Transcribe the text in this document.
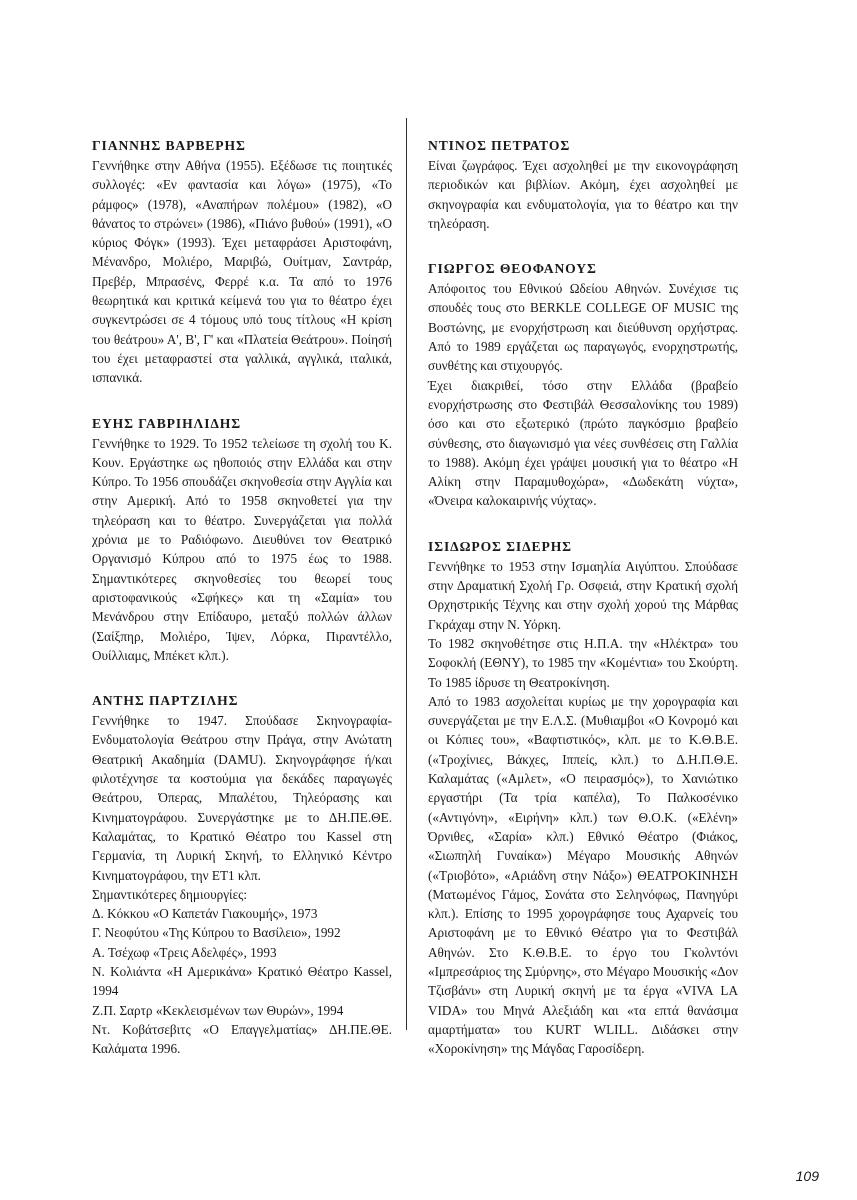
ΓΙΑΝΝΗΣ ΒΑΡΒΕΡΗΣ

Γεννήθηκε στην Αθήνα (1955). Εξέδωσε τις ποιητικές συλλογές: «Εν φαντασία και λόγω» (1975), «Το ράμφος» (1978), «Αναπήρων πολέμου» (1982), «Ο θάνατος το στρώνει» (1986), «Πιάνο βυθού» (1991), «Ο κύριος Φόγκ» (1993). Έχει μεταφράσει Αριστοφάνη, Μένανδρο, Μολιέρο, Μαριβώ, Ουίτμαν, Σαντράρ, Πρεβέρ, Μπρασένς, Φερρέ κ.α. Τα από το 1976 θεωρητικά και κριτικά κείμενά του για το θέατρο έχει συγκεντρώσει σε 4 τόμους υπό τους τίτλους «Η κρίση του θεάτρου» Α', Β', Γ' και «Πλατεία Θεάτρου». Ποίησή του έχει μεταφραστεί στα γαλλικά, αγγλικά, ιταλικά, ισπανικά.

ΕΥΗΣ ΓΑΒΡΙΗΛΙΔΗΣ

Γεννήθηκε το 1929. Το 1952 τελείωσε τη σχολή του Κ. Κουν. Εργάστηκε ως ηθοποιός στην Ελλάδα και στην Κύπρο. Το 1956 σπουδάζει σκηνοθεσία στην Αγγλία και στην Αμερική. Από το 1958 σκηνοθετεί για την τηλεόραση και το θέατρο. Συνεργάζεται για πολλά χρόνια με το Ραδιόφωνο. Διευθύνει τον Θεατρικό Οργανισμό Κύπρου από το 1975 έως το 1988. Σημαντικότερες σκηνοθεσίες του θεωρεί τους αριστοφανικούς «Σφήκες» και τη «Σαμία» του Μενάνδρου στην Επίδαυρο, μεταξύ πολλών άλλων (Σαίξπηρ, Μολιέρο, Ίψεν, Λόρκα, Πιραντέλλο, Ουίλλιαμς, Μπέκετ κλπ.).

ΑΝΤΗΣ ΠΑΡΤΖΙΛΗΣ

Γεννήθηκε το 1947. Σπούδασε Σκηνογραφία-Ενδυματολογία Θεάτρου στην Πράγα, στην Ανώτατη Θεατρική Ακαδημία (DAMU). Σκηνογράφησε ή/και φιλοτέχνησε τα κοστούμια για δεκάδες παραγωγές Θεάτρου, Όπερας, Μπαλέτου, Τηλεόρασης και Κινηματογράφου. Συνεργάστηκε με το ΔΗ.ΠΕ.ΘΕ. Καλαμάτας, το Κρατικό Θέατρο του Kassel στη Γερμανία, τη Λυρική Σκηνή, το Ελληνικό Κέντρο Κινηματογράφου, την ΕΤ1 κλπ.

Σημαντικότερες δημιουργίες:

Δ. Κόκκου «Ο Καπετάν Γιακουμής», 1973
Γ. Νεοφύτου «Της Κύπρου το Βασίλειο», 1992
Α. Τσέχωφ «Τρεις Αδελφές», 1993
Ν. Κολιάντα «Η Αμερικάνα» Κρατικό Θέατρο Kassel, 1994
Ζ.Π. Σαρτρ «Κεκλεισμένων των Θυρών», 1994
Ντ. Κοβάτσεβιτς «Ο Επαγγελματίας» ΔΗ.ΠΕ.ΘΕ. Καλάματα 1996.
ΝΤΙΝΟΣ ΠΕΤΡΑΤΟΣ

Είναι ζωγράφος. Έχει ασχοληθεί με την εικονογράφηση περιοδικών και βιβλίων. Ακόμη, έχει ασχοληθεί με σκηνογραφία και ενδυματολογία, για το θέατρο και την τηλεόραση.

ΓΙΩΡΓΟΣ ΘΕΟΦΑΝΟΥΣ

Απόφοιτος του Εθνικού Ωδείου Αθηνών. Συνέχισε τις σπουδές τους στο BERKLE COLLEGE OF MUSIC της Βοστώνης, με ενορχήστρωση και διεύθυνση ορχήστρας. Από το 1989 εργάζεται ως παραγωγός, ενορχηστρωτής, συνθέτης και στιχουργός.

Έχει διακριθεί, τόσο στην Ελλάδα (βραβείο ενορχήστρωσης στο Φεστιβάλ Θεσσαλονίκης του 1989) όσο και στο εξωτερικό (πρώτο παγκόσμιο βραβείο σύνθεσης, στο διαγωνισμό για νέες συνθέσεις στη Γαλλία το 1988). Ακόμη έχει γράψει μουσική για το θέατρο «Η Αλίκη στην Παραμυθοχώρα», «Δωδεκάτη νύχτα», «Όνειρα καλοκαιρινής νύχτας».

ΙΣΙΔΩΡΟΣ ΣΙΔΕΡΗΣ

Γεννήθηκε το 1953 στην Ισμαηλία Αιγύπτου. Σπούδασε στην Δραματική Σχολή Γρ. Οσφειά, στην Κρατική σχολή Ορχηστρικής Τέχνης και στην σχολή χορού της Μάρθας Γκράχαμ στην Ν. Υόρκη.

Το 1982 σκηνοθέτησε στις Η.Π.Α. την «Ηλέκτρα» του Σοφοκλή (ΕΘΝΥ), το 1985 την «Κομέντια» του Σκούρτη. Το 1985 ίδρυσε τη Θεατροκίνηση.

Από το 1983 ασχολείται κυρίως με την χορογραφία και συνεργάζεται με την Ε.Λ.Σ. (Μυθιαμβοι «Ο Κονρομό και οι Κόπιες του», «Βαφτιστικός», κλπ. με το Κ.Θ.Β.Ε. («Τροχίνιες, Βάκχες, Ιππείς, κλπ.) το Δ.Η.Π.Θ.Ε. Καλαμάτας («Αμλετ», «Ο πειρασμός»), το Χανιώτικο εργαστήρι (Τα τρία καπέλα), Το Παλκοσένικο («Αντιγόνη», «Ειρήνη» κλπ.) των Θ.Ο.Κ. («Ελένη» Όρνιθες, «Σαρία» κλπ.) Εθνικό Θέατρο (Φιάκος, «Σιωπηλή Γυναίκα») Μέγαρο Μουσικής Αθηνών («Τριοβότο», «Αριάδνη στην Νάξο») ΘΕΑΤΡΟΚΙΝΗΣΗ (Ματωμένος Γάμος, Σονάτα στο Σεληνόφως, Πανηγύρι κλπ.). Επίσης το 1995 χορογράφησε τους Αχαρνείς του Αριστοφάνη με το Εθνικό Θέατρο για το Φεστιβάλ Αθηνών. Στο Κ.Θ.Β.Ε. το έργο του Γκολντόνι «Ιμπρεσάριος της Σμύρνης», στο Μέγαρο Μουσικής «Δον Τζισβάνι» στη Λυρική σκηνή με τα έργα «VIVA LA VIDA» του Μηνά Αλεξιάδη και «τα επτά θανάσιμα αμαρτήματα» του KURT WLILL. Διδάσκει στην «Χοροκίνηση» της Μάγδας Γαροσίδερη.

109
